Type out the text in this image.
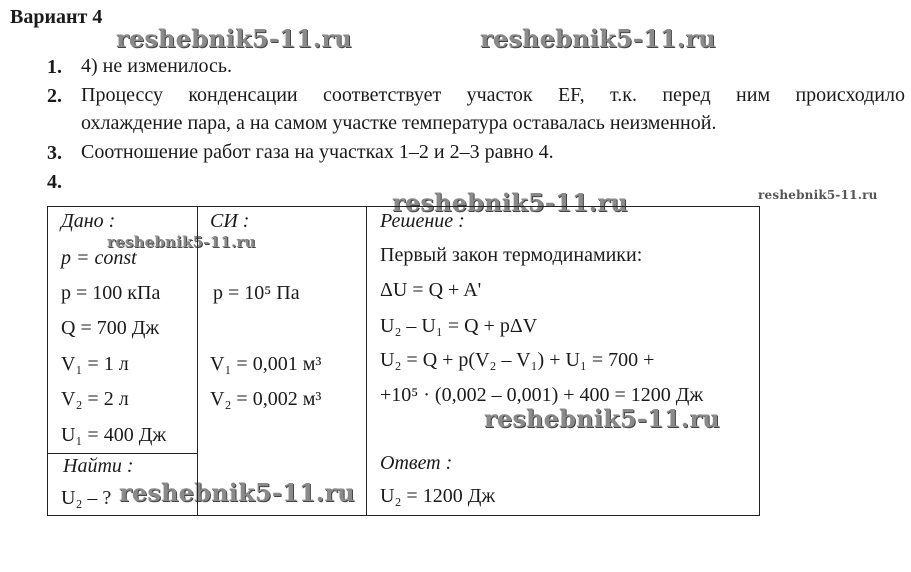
Вариант 4
reshebnik5-11.ru	reshebnik5-11.ru
reshebnik5-11.ru	reshebnik5-11.ru
reshebnik5-11.ru
reshebnik5-11.ru
reshebnik5-11.ru
1. 4) не изменилось.
2. Процессу конденсации соответствует участок EF, т.к. перед ним происходило
охлаждение пара, а на самом участке температура оставалась неизменной.
3. Соотношение работ газа на участках 1–2 и 2–3 равно 4.
4.
Дано :
p = const
p = 100 кПа
Q = 700 Дж
V₁ = 1 л
V₂ = 2 л
U₁ = 400 Дж
Найти :
U₂ – ?
СИ :
p = 10⁵ Па
V₁ = 0,001 м³
V₂ = 0,002 м³
Решение :
Первый закон термодинамики:
ΔU = Q + A'
U₂ – U₁ = Q + pΔV
U₂ = Q + p(V₂ – V₁) + U₁ = 700 +
+10⁵ · (0,002 – 0,001) + 400 = 1200 Дж
Ответ :
U₂ = 1200 Дж
